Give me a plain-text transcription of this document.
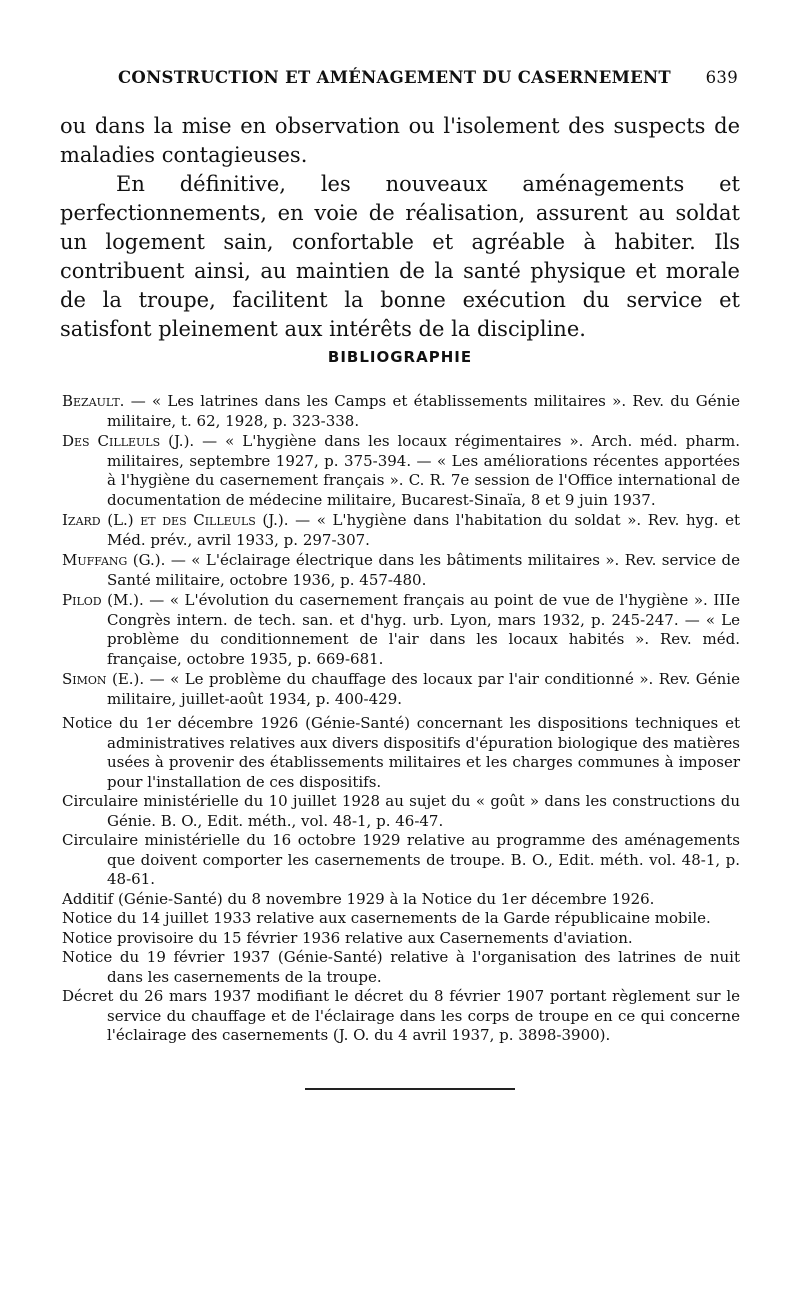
CONSTRUCTION ET AMÉNAGEMENT DU CASERNEMENT 639

ou dans la mise en observation ou l'isolement des suspects de maladies contagieuses.

En définitive, les nouveaux aménagements et perfectionnements, en voie de réalisation, assurent au soldat un logement sain, confortable et agréable à habiter. Ils contribuent ainsi, au maintien de la santé physique et morale de la troupe, facilitent la bonne exécution du service et satisfont pleinement aux intérêts de la discipline.

BIBLIOGRAPHIE

Bezault. — « Les latrines dans les Camps et établissements militaires ». Rev. du Génie militaire, t. 62, 1928, p. 323-338.

Des Cilleuls (J.). — « L'hygiène dans les locaux régimentaires ». Arch. méd. pharm. militaires, septembre 1927, p. 375-394. — « Les améliorations récentes apportées à l'hygiène du casernement français ». C. R. 7e session de l'Office international de documentation de médecine militaire, Bucarest-Sinaïa, 8 et 9 juin 1937.

Izard (L.) et des Cilleuls (J.). — « L'hygiène dans l'habitation du soldat ». Rev. hyg. et Méd. prév., avril 1933, p. 297-307.

Muffang (G.). — « L'éclairage électrique dans les bâtiments militaires ». Rev. service de Santé militaire, octobre 1936, p. 457-480.

Pilod (M.). — « L'évolution du casernement français au point de vue de l'hygiène ». IIIe Congrès intern. de tech. san. et d'hyg. urb. Lyon, mars 1932, p. 245-247. — « Le problème du conditionnement de l'air dans les locaux habités ». Rev. méd. française, octobre 1935, p. 669-681.

Simon (E.). — « Le problème du chauffage des locaux par l'air conditionné ». Rev. Génie militaire, juillet-août 1934, p. 400-429.

Notice du 1er décembre 1926 (Génie-Santé) concernant les dispositions techniques et administratives relatives aux divers dispositifs d'épuration biologique des matières usées à provenir des établissements militaires et les charges communes à imposer pour l'installation de ces dispositifs.

Circulaire ministérielle du 10 juillet 1928 au sujet du « goût » dans les constructions du Génie. B. O., Edit. méth., vol. 48-1, p. 46-47.

Circulaire ministérielle du 16 octobre 1929 relative au programme des aménagements que doivent comporter les casernements de troupe. B. O., Edit. méth. vol. 48-1, p. 48-61.

Additif (Génie-Santé) du 8 novembre 1929 à la Notice du 1er décembre 1926.

Notice du 14 juillet 1933 relative aux casernements de la Garde républicaine mobile.

Notice provisoire du 15 février 1936 relative aux Casernements d'aviation.

Notice du 19 février 1937 (Génie-Santé) relative à l'organisation des latrines de nuit dans les casernements de la troupe.

Décret du 26 mars 1937 modifiant le décret du 8 février 1907 portant règlement sur le service du chauffage et de l'éclairage dans les corps de troupe en ce qui concerne l'éclairage des casernements (J. O. du 4 avril 1937, p. 3898-3900).
